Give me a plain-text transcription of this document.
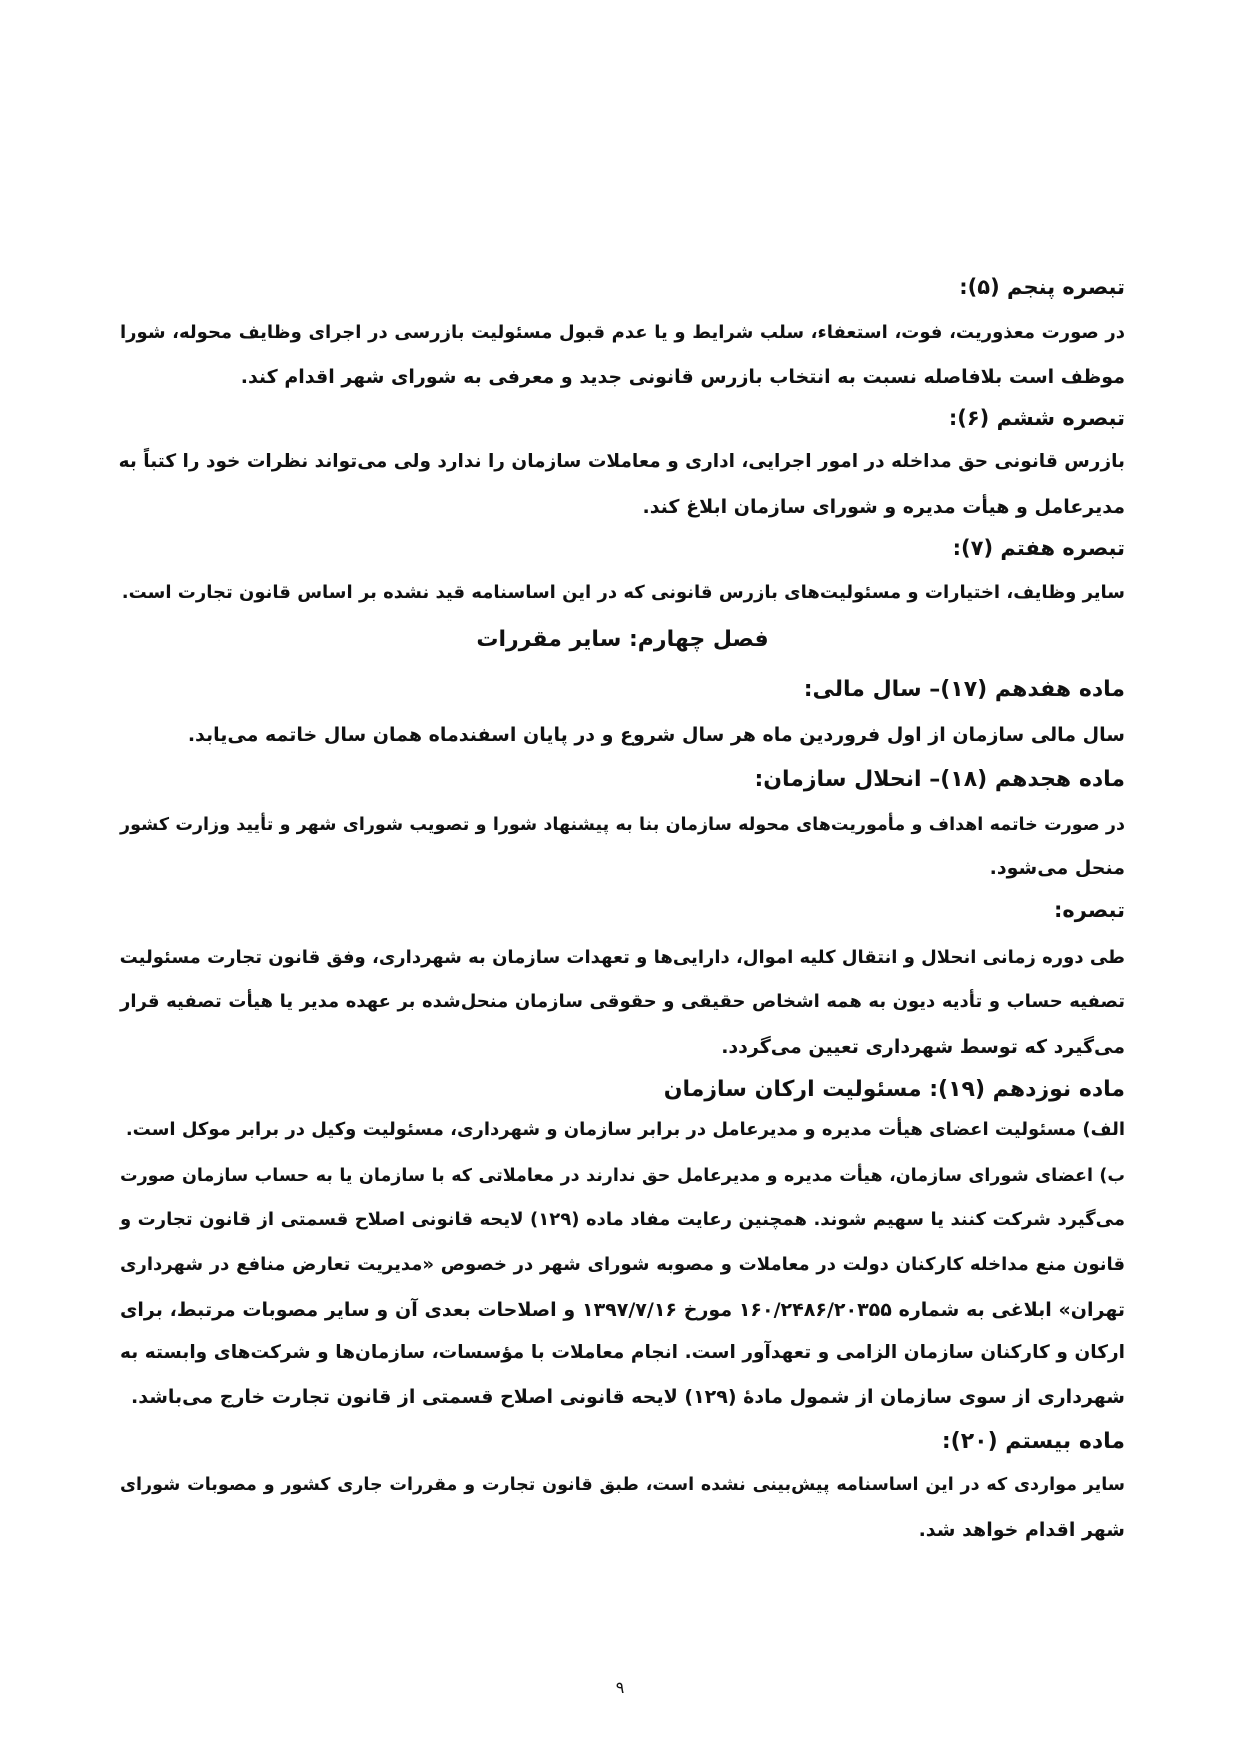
تبصره پنجم (۵):
در صورت معذوریت، فوت، استعفاء، سلب شرایط و یا عدم قبول مسئولیت بازرسی در اجرای وظایف محوله، شورا
موظف است بلافاصله نسبت به انتخاب بازرس قانونی جدید و معرفی به شورای شهر اقدام کند.
تبصره ششم (۶):
بازرس قانونی حق مداخله در امور اجرایی، اداری و معاملات سازمان را ندارد ولی می‌تواند نظرات خود را کتباً به
مدیرعامل و هیأت مدیره و شورای سازمان ابلاغ کند.
تبصره هفتم (۷):
سایر وظایف، اختیارات و مسئولیت‌های بازرس قانونی که در این اساسنامه قید نشده بر اساس قانون تجارت است.
فصل چهارم: سایر مقررات
ماده هفدهم (۱۷)– سال مالی:
سال مالی سازمان از اول فروردین ماه هر سال شروع و در پایان اسفندماه همان سال خاتمه می‌یابد.
ماده هجدهم (۱۸)– انحلال سازمان:
در صورت خاتمه اهداف و مأموریت‌های محوله سازمان بنا به پیشنهاد شورا و تصویب شورای شهر و تأیید وزارت کشور
منحل می‌شود.
تبصره:
طی دوره زمانی انحلال و انتقال کلیه اموال، دارایی‌ها و تعهدات سازمان به شهرداری، وفق قانون تجارت مسئولیت
تصفیه حساب و تأدیه دیون به همه اشخاص حقیقی و حقوقی سازمان منحل‌شده بر عهده مدیر یا هیأت تصفیه قرار
می‌گیرد که توسط شهرداری تعیین می‌گردد.
ماده نوزدهم (۱۹): مسئولیت ارکان سازمان
الف) مسئولیت اعضای هیأت مدیره و مدیرعامل در برابر سازمان و شهرداری، مسئولیت وکیل در برابر موکل است.
ب) اعضای شورای سازمان، هیأت مدیره و مدیرعامل حق ندارند در معاملاتی که با سازمان یا به حساب سازمان صورت
می‌گیرد شرکت کنند یا سهیم شوند. همچنین رعایت مفاد ماده (۱۲۹) لایحه قانونی اصلاح قسمتی از قانون تجارت و
قانون منع مداخله کارکنان دولت در معاملات و مصوبه شورای شهر در خصوص «مدیریت تعارض منافع در شهرداری
تهران» ابلاغی به شماره ۱۶۰/۲۴۸۶/۲۰۳۵۵ مورخ ۱۳۹۷/۷/۱۶ و اصلاحات بعدی آن و سایر مصوبات مرتبط، برای
ارکان و کارکنان سازمان الزامی و تعهدآور است. انجام معاملات با مؤسسات، سازمان‌ها و شرکت‌های وابسته به
شهرداری از سوی سازمان از شمول مادهٔ (۱۲۹) لایحه قانونی اصلاح قسمتی از قانون تجارت خارج می‌باشد.
ماده بیستم (۲۰):
سایر مواردی که در این اساسنامه پیش‌بینی نشده است، طبق قانون تجارت و مقررات جاری کشور و مصوبات شورای
شهر اقدام خواهد شد.
۹
